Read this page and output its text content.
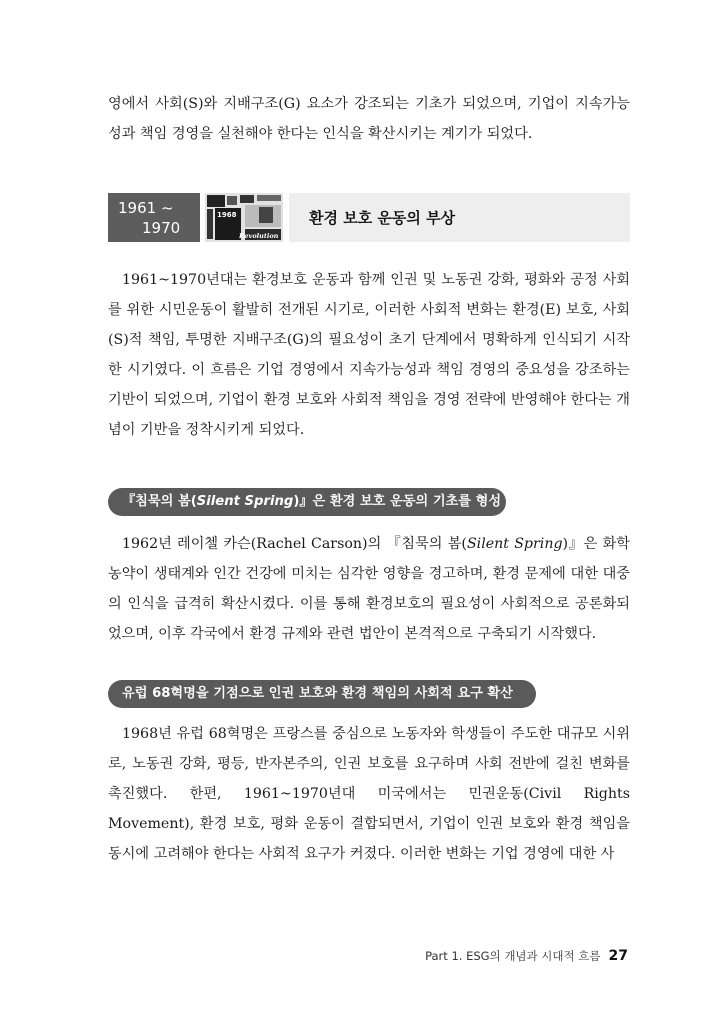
영에서 사회(S)와 지배구조(G) 요소가 강조되는 기초가 되었으며, 기업이 지속가능성과 책임 경영을 실천해야 한다는 인식을 확산시키는 계기가 되었다.

1961 ~
1970
1968
Revolution
환경 보호 운동의 부상

1961~1970년대는 환경보호 운동과 함께 인권 및 노동권 강화, 평화와 공정 사회를 위한 시민운동이 활발히 전개된 시기로, 이러한 사회적 변화는 환경(E) 보호, 사회(S)적 책임, 투명한 지배구조(G)의 필요성이 초기 단계에서 명확하게 인식되기 시작한 시기였다. 이 흐름은 기업 경영에서 지속가능성과 책임 경영의 중요성을 강조하는 기반이 되었으며, 기업이 환경 보호와 사회적 책임을 경영 전략에 반영해야 한다는 개념이 기반을 정착시키게 되었다.

『침묵의 봄(Silent Spring)』은 환경 보호 운동의 기초를 형성

1962년 레이첼 카슨(Rachel Carson)의 『침묵의 봄(Silent Spring)』은 화학 농약이 생태계와 인간 건강에 미치는 심각한 영향을 경고하며, 환경 문제에 대한 대중의 인식을 급격히 확산시켰다. 이를 통해 환경보호의 필요성이 사회적으로 공론화되었으며, 이후 각국에서 환경 규제와 관련 법안이 본격적으로 구축되기 시작했다.

유럽 68혁명을 기점으로 인권 보호와 환경 책임의 사회적 요구 확산

1968년 유럽 68혁명은 프랑스를 중심으로 노동자와 학생들이 주도한 대규모 시위로, 노동권 강화, 평등, 반자본주의, 인권 보호를 요구하며 사회 전반에 걸친 변화를 촉진했다. 한편, 1961~1970년대 미국에서는 민권운동(Civil Rights Movement), 환경 보호, 평화 운동이 결합되면서, 기업이 인권 보호와 환경 책임을 동시에 고려해야 한다는 사회적 요구가 커졌다. 이러한 변화는 기업 경영에 대한 사

Part 1. ESG의 개념과 시대적 흐름 27
